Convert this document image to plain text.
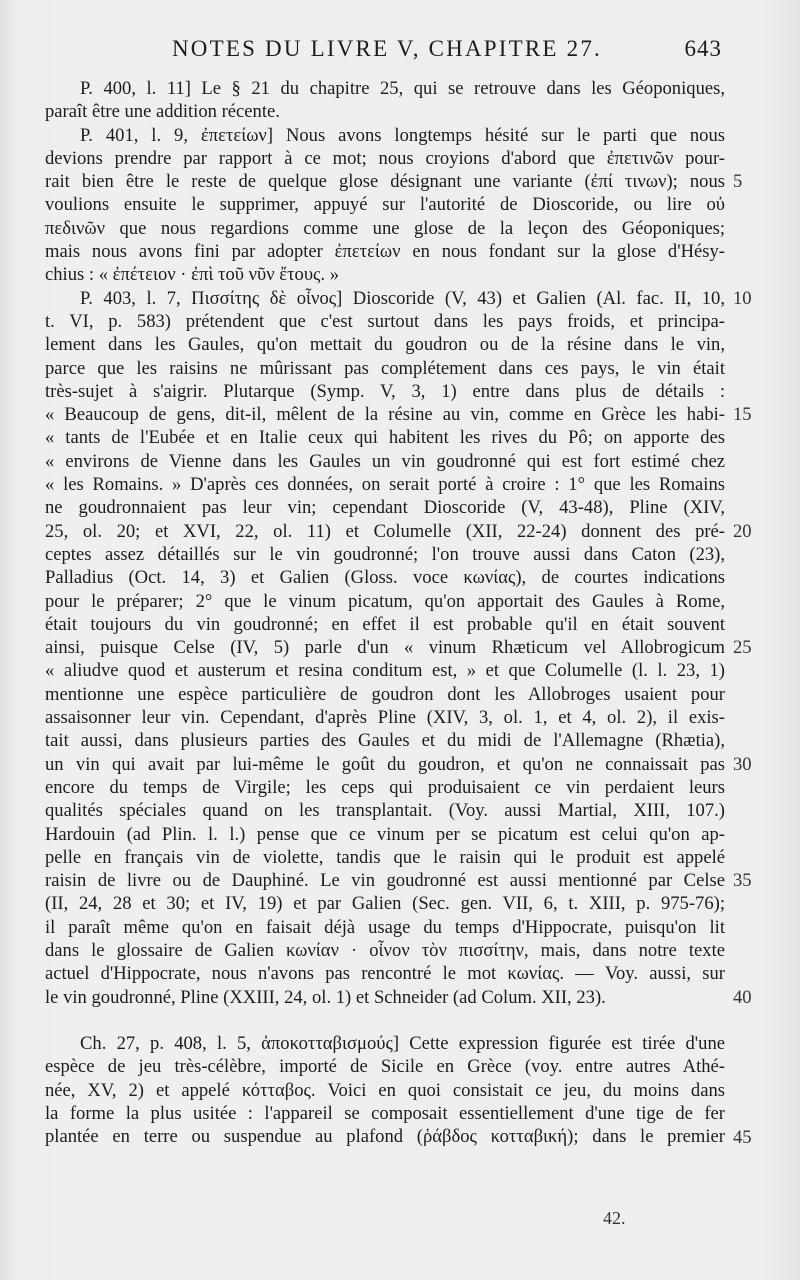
NOTES DU LIVRE V, CHAPITRE 27.	643
P. 400, l. 11] Le § 21 du chapitre 25, qui se retrouve dans les Géoponiques,
paraît être une addition récente.
P. 401, l. 9, ἐπετείων] Nous avons longtemps hésité sur le parti que nous
devions prendre par rapport à ce mot; nous croyions d'abord que ἐπετινῶν pour-
rait bien être le reste de quelque glose désignant une variante (ἐπί τινων); nous
voulions ensuite le supprimer, appuyé sur l'autorité de Dioscoride, ou lire οὐ
πεδινῶν que nous regardions comme une glose de la leçon des Géoponiques;
mais nous avons fini par adopter ἐπετείων en nous fondant sur la glose d'Hésy-
chius : « ἐπέτειον · ἐπὶ τοῦ νῦν ἔτους. »
P. 403, l. 7, Πισσίτης δὲ οἶνος] Dioscoride (V, 43) et Galien (Al. fac. II, 10,
t. VI, p. 583) prétendent que c'est surtout dans les pays froids, et principa-
lement dans les Gaules, qu'on mettait du goudron ou de la résine dans le vin,
parce que les raisins ne mûrissant pas complétement dans ces pays, le vin était
très-sujet à s'aigrir. Plutarque (Symp. V, 3, 1) entre dans plus de détails :
« Beaucoup de gens, dit-il, mêlent de la résine au vin, comme en Grèce les habi-
« tants de l'Eubée et en Italie ceux qui habitent les rives du Pô; on apporte des
« environs de Vienne dans les Gaules un vin goudronné qui est fort estimé chez
« les Romains. » D'après ces données, on serait porté à croire : 1° que les Romains
ne goudronnaient pas leur vin; cependant Dioscoride (V, 43-48), Pline (XIV,
25, ol. 20; et XVI, 22, ol. 11) et Columelle (XII, 22-24) donnent des pré-
ceptes assez détaillés sur le vin goudronné; l'on trouve aussi dans Caton (23),
Palladius (Oct. 14, 3) et Galien (Gloss. voce κωνίας), de courtes indications
pour le préparer; 2° que le vinum picatum, qu'on apportait des Gaules à Rome,
était toujours du vin goudronné; en effet il est probable qu'il en était souvent
ainsi, puisque Celse (IV, 5) parle d'un « vinum Rhæticum vel Allobrogicum
« aliudve quod et austerum et resina conditum est, » et que Columelle (l. l. 23, 1)
mentionne une espèce particulière de goudron dont les Allobroges usaient pour
assaisonner leur vin. Cependant, d'après Pline (XIV, 3, ol. 1, et 4, ol. 2), il exis-
tait aussi, dans plusieurs parties des Gaules et du midi de l'Allemagne (Rhætia),
un vin qui avait par lui-même le goût du goudron, et qu'on ne connaissait pas
encore du temps de Virgile; les ceps qui produisaient ce vin perdaient leurs
qualités spéciales quand on les transplantait. (Voy. aussi Martial, XIII, 107.)
Hardouin (ad Plin. l. l.) pense que ce vinum per se picatum est celui qu'on ap-
pelle en français vin de violette, tandis que le raisin qui le produit est appelé
raisin de livre ou de Dauphiné. Le vin goudronné est aussi mentionné par Celse
(II, 24, 28 et 30; et IV, 19) et par Galien (Sec. gen. VII, 6, t. XIII, p. 975-76);
il paraît même qu'on en faisait déjà usage du temps d'Hippocrate, puisqu'on lit
dans le glossaire de Galien κωνίαν · οἶνον τὸν πισσίτην, mais, dans notre texte
actuel d'Hippocrate, nous n'avons pas rencontré le mot κωνίας. — Voy. aussi, sur
le vin goudronné, Pline (XXIII, 24, ol. 1) et Schneider (ad Colum. XII, 23).
Ch. 27, p. 408, l. 5, ἀποκοτταβισμούς] Cette expression figurée est tirée d'une
espèce de jeu très-célèbre, importé de Sicile en Grèce (voy. entre autres Athé-
née, XV, 2) et appelé κότταβος. Voici en quoi consistait ce jeu, du moins dans
la forme la plus usitée : l'appareil se composait essentiellement d'une tige de fer
plantée en terre ou suspendue au plafond (ῥάβδος κοτταβική); dans le premier
5
10
15
20
25
30
35
40
45
42.
